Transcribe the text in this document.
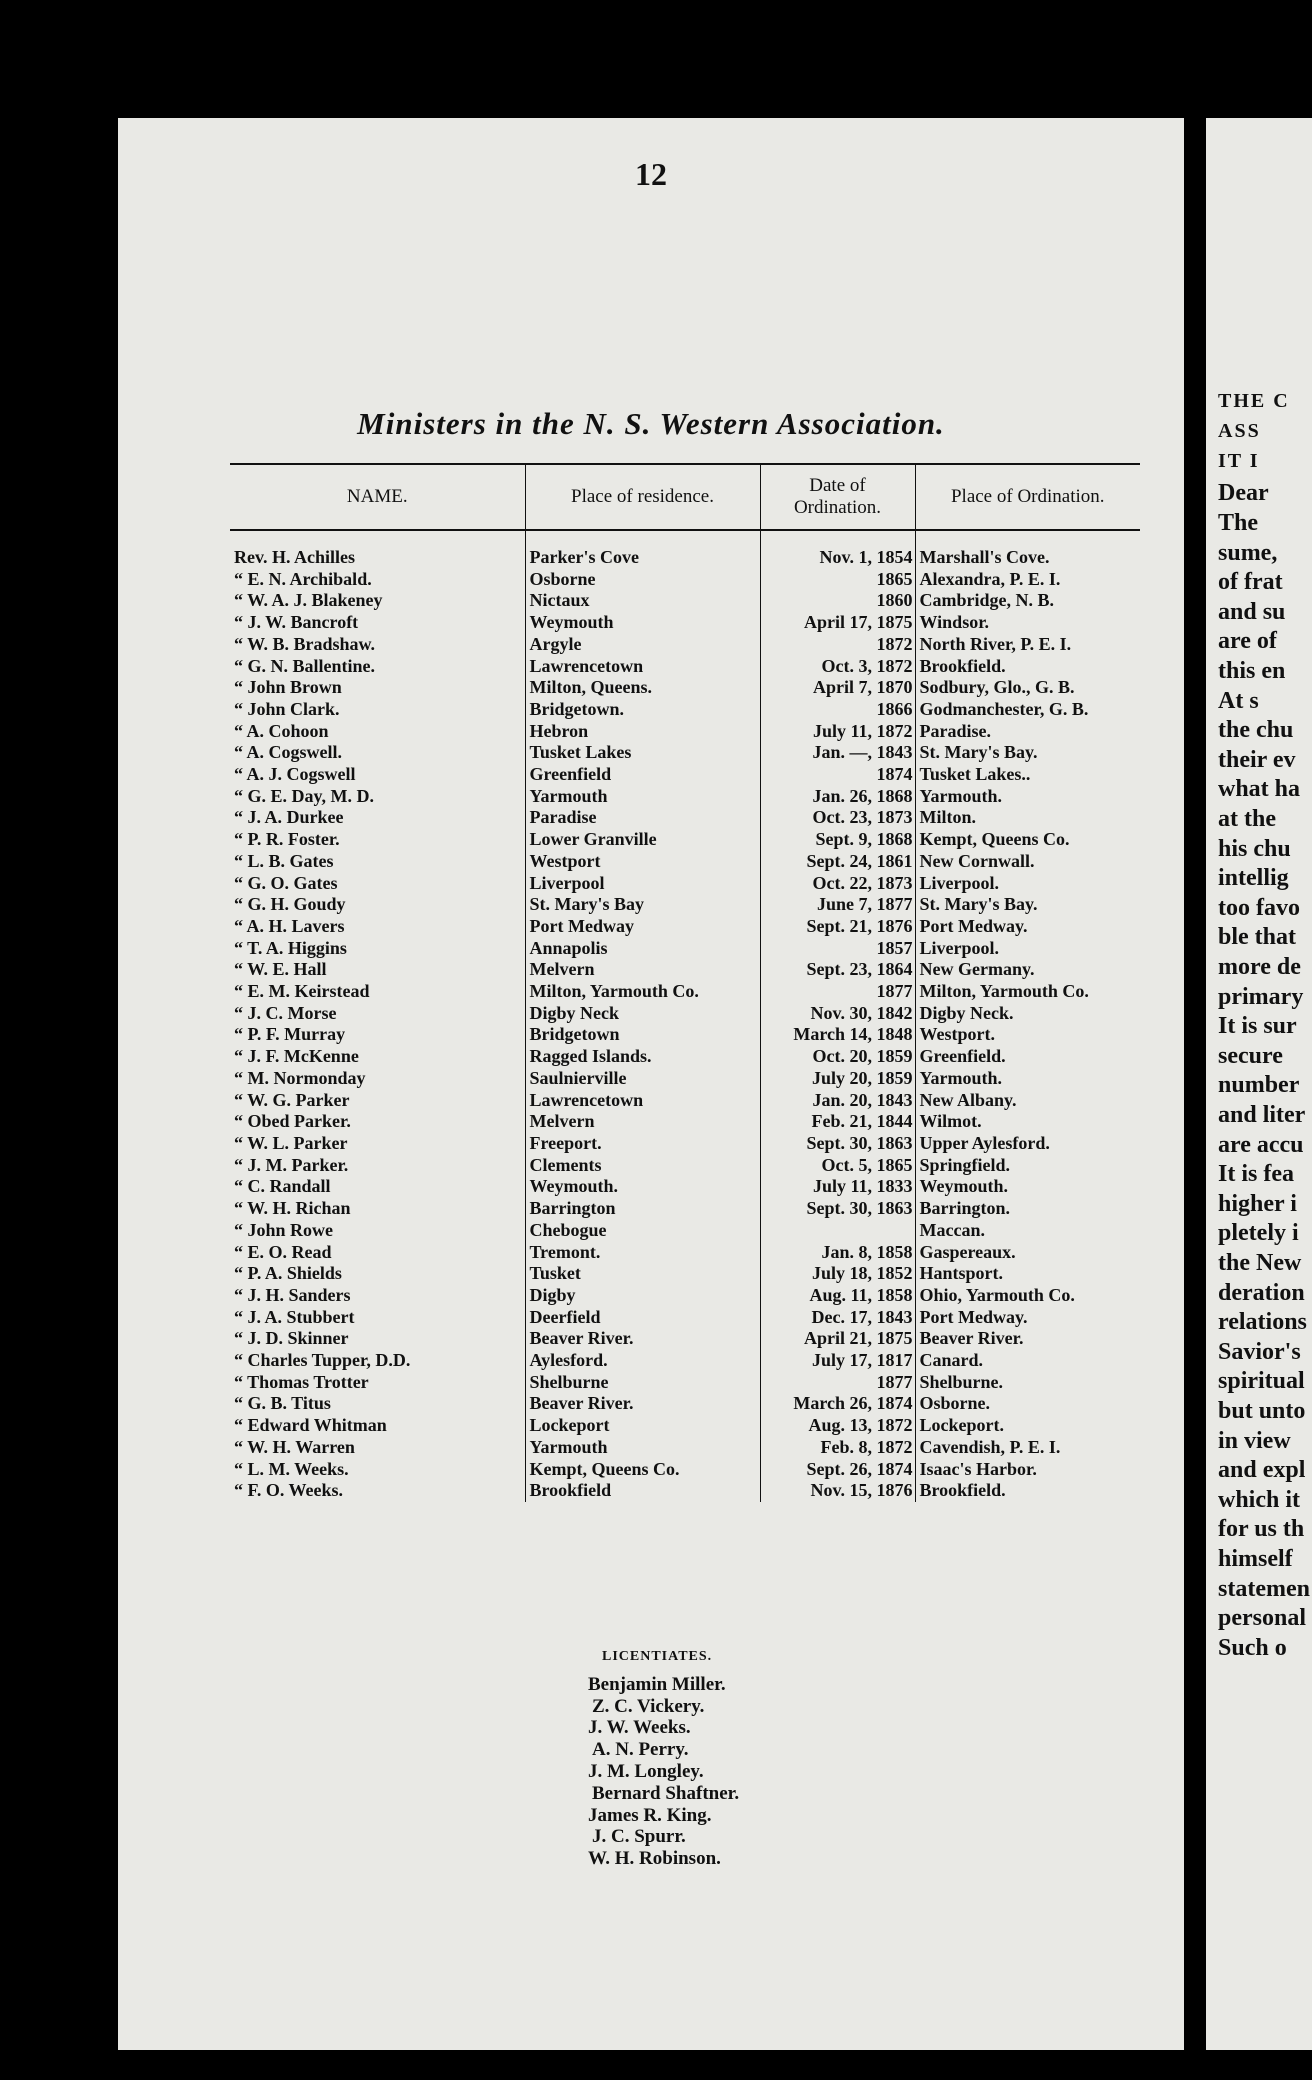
12
Ministers in the N. S. Western Association.
NAME.	Place of residence.	Date of Ordination.	Place of Ordination.
Rev. H. Achilles	Parker's Cove	Nov. 1, 1854	Marshall's Cove.
“ E. N. Archibald.	Osborne	1865	Alexandra, P. E. I.
“ W. A. J. Blakeney	Nictaux	1860	Cambridge, N. B.
“ J. W. Bancroft	Weymouth	April 17, 1875	Windsor.
“ W. B. Bradshaw.	Argyle	1872	North River, P. E. I.
“ G. N. Ballentine.	Lawrencetown	Oct. 3, 1872	Brookfield.
“ John Brown	Milton, Queens.	April 7, 1870	Sodbury, Glo., G. B.
“ John Clark.	Bridgetown.	1866	Godmanchester, G. B.
“ A. Cohoon	Hebron	July 11, 1872	Paradise.
“ A. Cogswell.	Tusket Lakes	Jan. —, 1843	St. Mary's Bay.
“ A. J. Cogswell	Greenfield	1874	Tusket Lakes..
“ G. E. Day, M. D.	Yarmouth	Jan. 26, 1868	Yarmouth.
“ J. A. Durkee	Paradise	Oct. 23, 1873	Milton.
“ P. R. Foster.	Lower Granville	Sept. 9, 1868	Kempt, Queens Co.
“ L. B. Gates	Westport	Sept. 24, 1861	New Cornwall.
“ G. O. Gates	Liverpool	Oct. 22, 1873	Liverpool.
“ G. H. Goudy	St. Mary's Bay	June 7, 1877	St. Mary's Bay.
“ A. H. Lavers	Port Medway	Sept. 21, 1876	Port Medway.
“ T. A. Higgins	Annapolis	1857	Liverpool.
“ W. E. Hall	Melvern	Sept. 23, 1864	New Germany.
“ E. M. Keirstead	Milton, Yarmouth Co.	1877	Milton, Yarmouth Co.
“ J. C. Morse	Digby Neck	Nov. 30, 1842	Digby Neck.
“ P. F. Murray	Bridgetown	March 14, 1848	Westport.
“ J. F. McKenne	Ragged Islands.	Oct. 20, 1859	Greenfield.
“ M. Normonday	Saulnierville	July 20, 1859	Yarmouth.
“ W. G. Parker	Lawrencetown	Jan. 20, 1843	New Albany.
“ Obed Parker.	Melvern	Feb. 21, 1844	Wilmot.
“ W. L. Parker	Freeport.	Sept. 30, 1863	Upper Aylesford.
“ J. M. Parker.	Clements	Oct. 5, 1865	Springfield.
“ C. Randall	Weymouth.	July 11, 1833	Weymouth.
“ W. H. Richan	Barrington	Sept. 30, 1863	Barrington.
“ John Rowe	Chebogue		Maccan.
“ E. O. Read	Tremont.	Jan. 8, 1858	Gaspereaux.
“ P. A. Shields	Tusket	July 18, 1852	Hantsport.
“ J. H. Sanders	Digby	Aug. 11, 1858	Ohio, Yarmouth Co.
“ J. A. Stubbert	Deerfield	Dec. 17, 1843	Port Medway.
“ J. D. Skinner	Beaver River.	April 21, 1875	Beaver River.
“ Charles Tupper, D.D.	Aylesford.	July 17, 1817	Canard.
“ Thomas Trotter	Shelburne	1877	Shelburne.
“ G. B. Titus	Beaver River.	March 26, 1874	Osborne.
“ Edward Whitman	Lockeport	Aug. 13, 1872	Lockeport.
“ W. H. Warren	Yarmouth	Feb. 8, 1872	Cavendish, P. E. I.
“ L. M. Weeks.	Kempt, Queens Co.	Sept. 26, 1874	Isaac's Harbor.
“ F. O. Weeks.	Brookfield	Nov. 15, 1876	Brookfield.
LICENTIATES.
Benjamin Miller.
Z. C. Vickery.
J. W. Weeks.
A. N. Perry.
J. M. Longley.
Bernard Shaftner.
James R. King.
J. C. Spurr.
W. H. Robinson.
THE C
ASS
IT I
Dear
The
sume,
of frat
and su
are of
this en
At s
the chu
their ev
what ha
at the
his chu
intellig
too favo
ble that
more de
primary
It is sur
secure
number
and liter
are accu
It is fea
higher i
pletely i
the New
deration
relations
Savior's
spiritual
but unto
in view
and expl
which it
for us th
himself
statemen
personal
Such o
